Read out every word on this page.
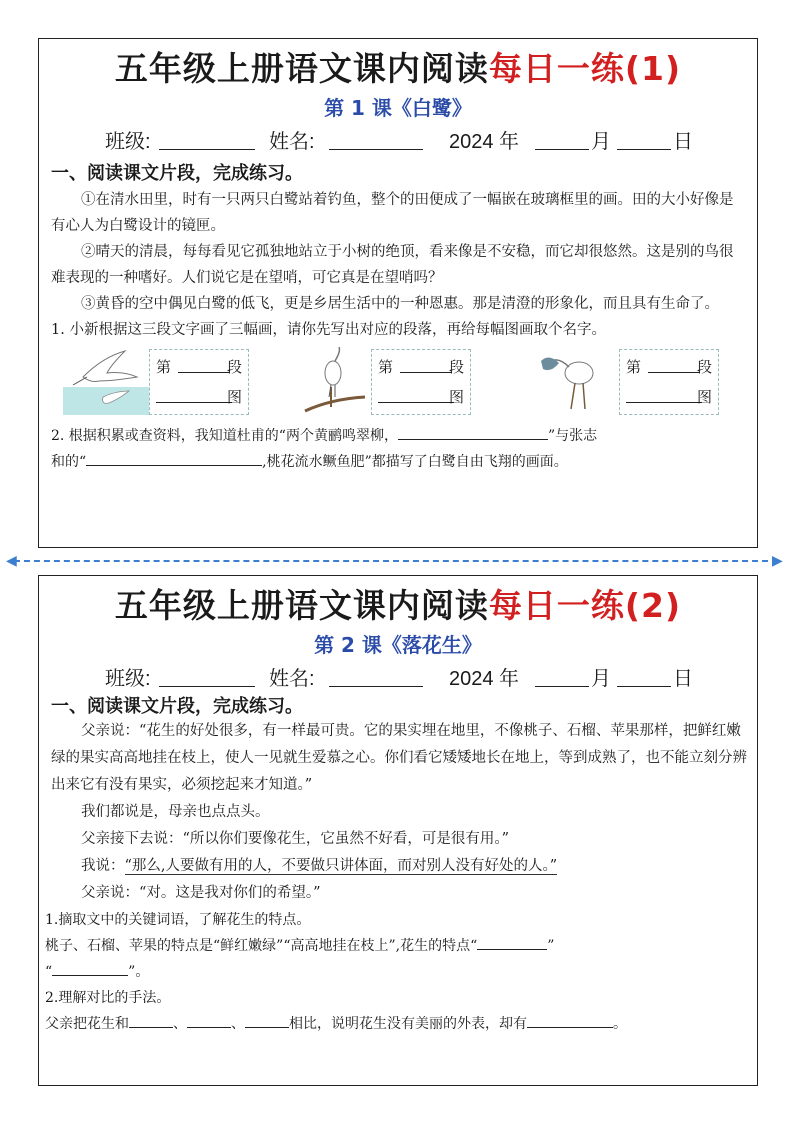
五年级上册语文课内阅读每日一练(1)
第 1 课《白鹭》
班级:	姓名:	2024 年	月	日
一、阅读课文片段，完成练习。
①在清水田里，时有一只两只白鹭站着钓鱼，整个的田便成了一幅嵌在玻璃框里的画。田的大小好像是有心人为白鹭设计的镜匣。
②晴天的清晨，每每看见它孤独地站立于小树的绝顶，看来像是不安稳，而它却很悠然。这是别的鸟很难表现的一种嗜好。人们说它是在望哨，可它真是在望哨吗？
③黄昏的空中偶见白鹭的低飞，更是乡居生活中的一种恩惠。那是清澄的形象化，而且具有生命了。
1. 小新根据这三段文字画了三幅画，请你先写出对应的段落，再给每幅图画取个名字。
第	段
图
第	段
图
第	段
图
2. 根据积累或查资料，我知道杜甫的“两个黄鹂鸣翠柳，	”与张志
和的“	,桃花流水鳜鱼肥”都描写了白鹭自由飞翔的画面。
◀	▶
五年级上册语文课内阅读每日一练(2)
第 2 课《落花生》
班级:	姓名:	2024 年	月	日
一、阅读课文片段，完成练习。
父亲说：“花生的好处很多，有一样最可贵。它的果实埋在地里，不像桃子、石榴、苹果那样，把鲜红嫩绿的果实高高地挂在枝上，使人一见就生爱慕之心。你们看它矮矮地长在地上，等到成熟了，也不能立刻分辨出来它有没有果实，必须挖起来才知道。”
我们都说是，母亲也点点头。
父亲接下去说：“所以你们要像花生，它虽然不好看，可是很有用。”
我说：“那么,人要做有用的人，不要做只讲体面，而对别人没有好处的人。”
父亲说：“对。这是我对你们的希望。”
1.摘取文中的关键词语，了解花生的特点。
桃子、石榴、苹果的特点是“鲜红嫩绿”“高高地挂在枝上”,花生的特点“	”
“	”。
2.理解对比的手法。
父亲把花生和	、	、	相比，说明花生没有美丽的外表，却有	。
